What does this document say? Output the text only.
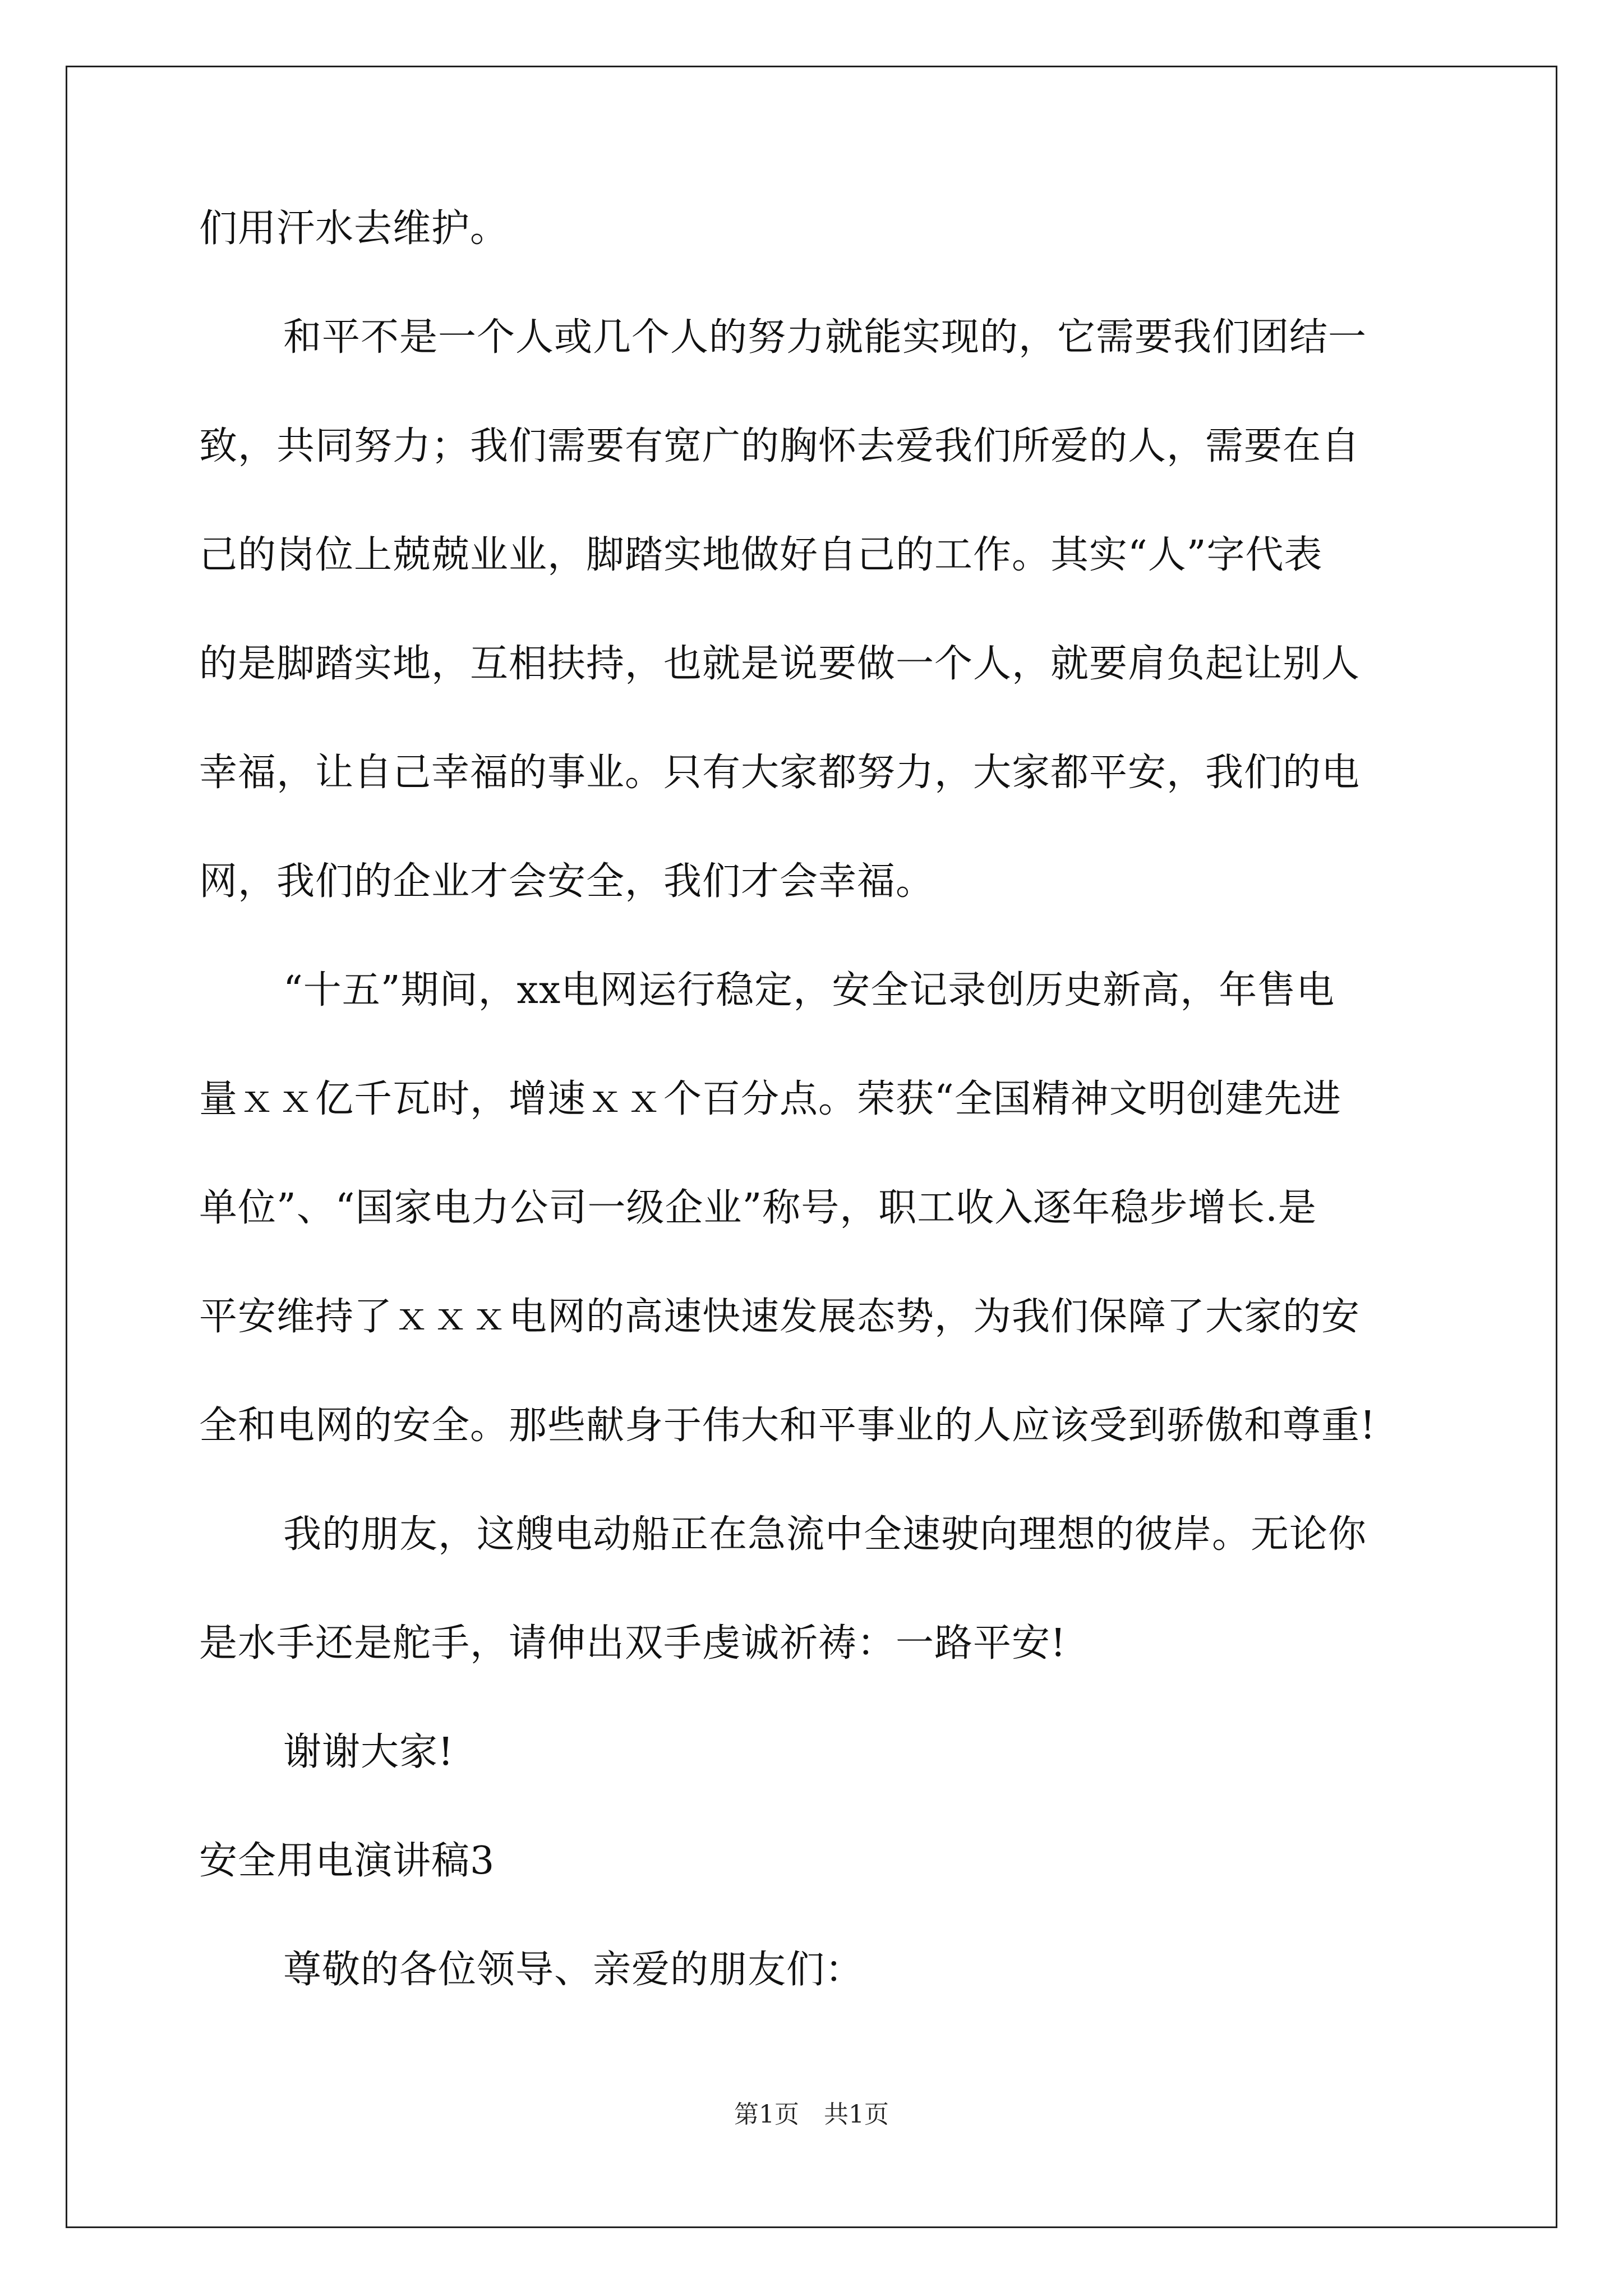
们用汗水去维护。
和平不是一个人或几个人的努力就能实现的，它需要我们团结一
致，共同努力；我们需要有宽广的胸怀去爱我们所爱的人，需要在自
己的岗位上兢兢业业，脚踏实地做好自己的工作。其实“人”字代表
的是脚踏实地，互相扶持，也就是说要做一个人，就要肩负起让别人
幸福，让自己幸福的事业。只有大家都努力，大家都平安，我们的电
网，我们的企业才会安全，我们才会幸福。
“十五”期间，xx电网运行稳定，安全记录创历史新高，年售电
量ｘｘ亿千瓦时，增速ｘｘ个百分点。荣获“全国精神文明创建先进
单位”、“国家电力公司一级企业”称号，职工收入逐年稳步增长.是
平安维持了ｘｘｘ电网的高速快速发展态势，为我们保障了大家的安
全和电网的安全。那些献身于伟大和平事业的人应该受到骄傲和尊重!
我的朋友，这艘电动船正在急流中全速驶向理想的彼岸。无论你
是水手还是舵手，请伸出双手虔诚祈祷：一路平安!
谢谢大家!
安全用电演讲稿3
尊敬的各位领导、亲爱的朋友们：
第1页　共1页
